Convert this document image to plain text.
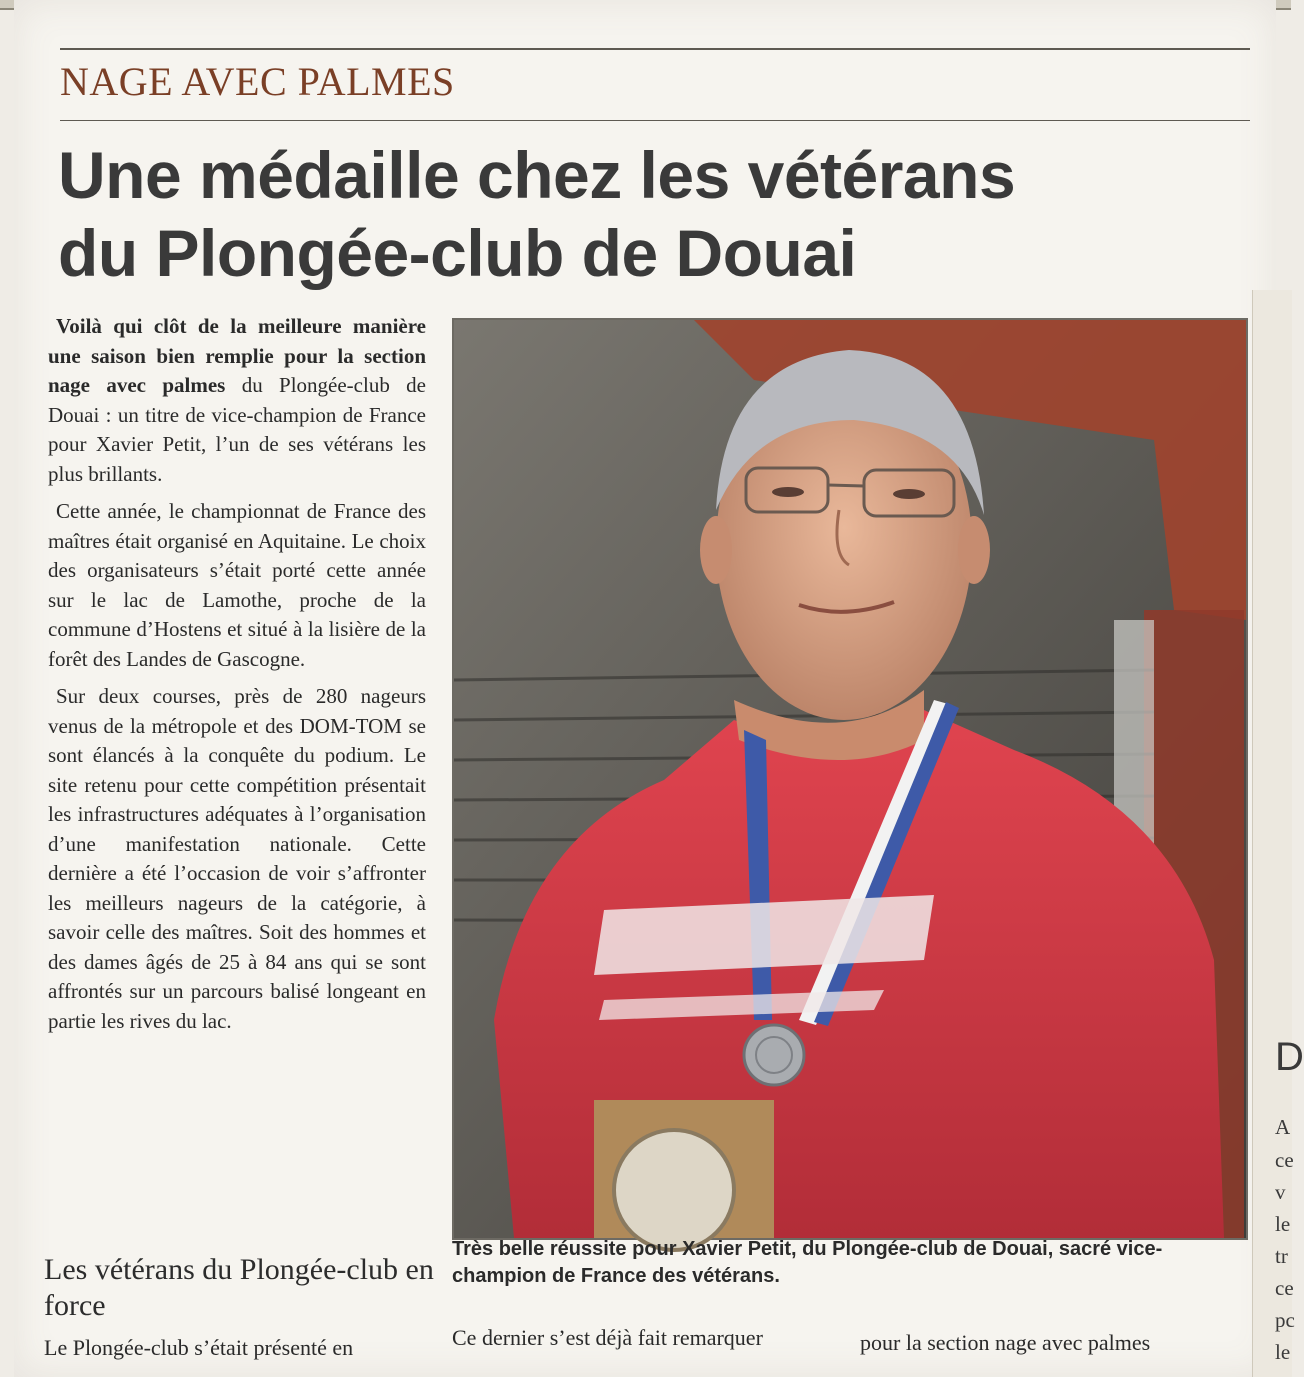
NAGE AVEC PALMES
Une médaille chez les vétérans
du Plongée-club de Douai

Voilà qui clôt de la meilleure manière une saison bien remplie pour la section nage avec palmes du Plongée-club de Douai : un titre de vice-champion de France pour Xavier Petit, l’un de ses vétérans les plus brillants.

Cette année, le championnat de France des maîtres était organisé en Aquitaine. Le choix des organisateurs s’était porté cette année sur le lac de Lamothe, proche de la commune d’Hostens et situé à la lisière de la forêt des Landes de Gascogne.

Sur deux courses, près de 280 nageurs venus de la métropole et des DOM-TOM se sont élancés à la conquête du podium. Le site retenu pour cette compétition présentait les infrastructures adéquates à l’organisation d’une manifestation nationale. Cette dernière a été l’occasion de voir s’affronter les meilleurs nageurs de la catégorie, à savoir celle des maîtres. Soit des hommes et des dames âgés de 25 à 84 ans qui se sont affrontés sur un parcours balisé longeant en partie les rives du lac.

Les vétérans du Plongée-club en force

Le Plongée-club s’était présenté en	Ce dernier s’est déjà fait remarquer	pour la section nage avec palmes

Très belle réussite pour Xavier Petit, du Plongée-club de Douai, sacré vice-champion de France des vétérans.

D
A
ce
v
le
tr
ce
pc
le
